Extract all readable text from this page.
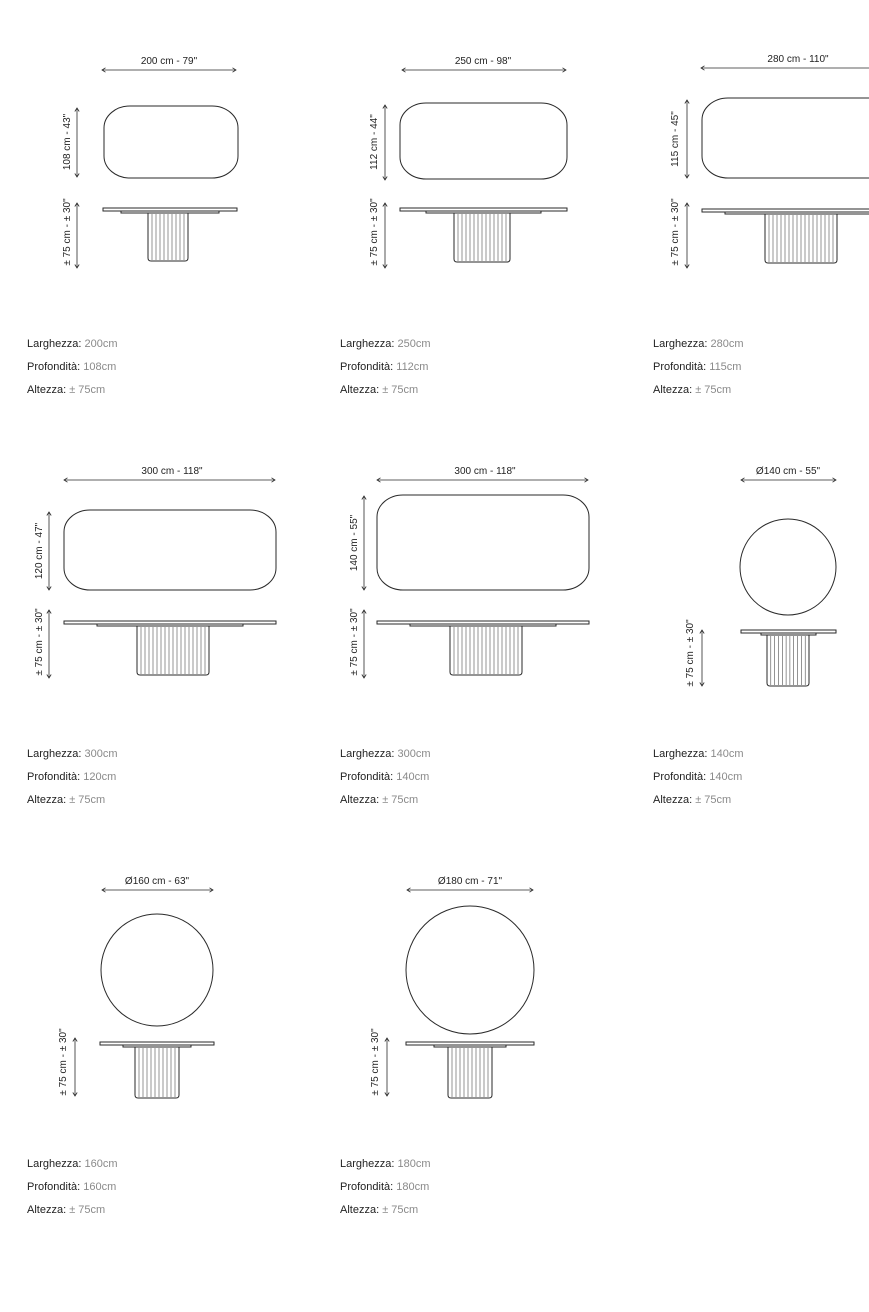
200 cm - 79"
108 cm - 43"
± 75 cm - ± 30"
Larghezza: 200cm
Profondità: 108cm
Altezza: ± 75cm
250 cm - 98"
112 cm - 44"
± 75 cm - ± 30"
Larghezza: 250cm
Profondità: 112cm
Altezza: ± 75cm
280 cm - 110"
115 cm - 45"
± 75 cm - ± 30"
Larghezza: 280cm
Profondità: 115cm
Altezza: ± 75cm
300 cm - 118"
120 cm - 47"
± 75 cm - ± 30"
Larghezza: 300cm
Profondità: 120cm
Altezza: ± 75cm
300 cm - 118"
140 cm - 55"
± 75 cm - ± 30"
Larghezza: 300cm
Profondità: 140cm
Altezza: ± 75cm
Ø140 cm - 55"
± 75 cm - ± 30"
Larghezza: 140cm
Profondità: 140cm
Altezza: ± 75cm
Ø160 cm - 63"
± 75 cm - ± 30"
Larghezza: 160cm
Profondità: 160cm
Altezza: ± 75cm
Ø180 cm - 71"
± 75 cm - ± 30"
Larghezza: 180cm
Profondità: 180cm
Altezza: ± 75cm
